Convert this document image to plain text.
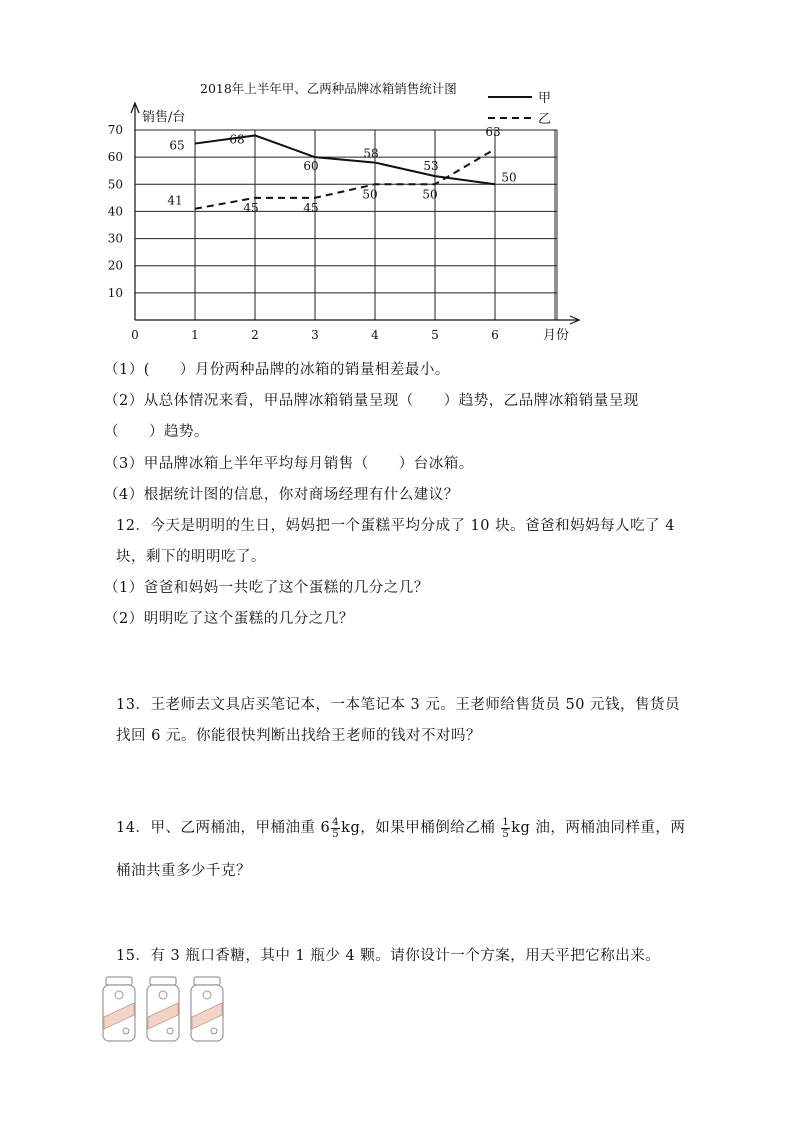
10
20
30
40
50
60
70
销售/台
月份
0	1	2	3	4	5	6
2018年上半年甲、乙两种品牌冰箱销售统计图
甲
乙
65	68
60
58
53
50
41
45	45
50	50
63
（1）(　　）月份两种品牌的冰箱的销量相差最小。
（2）从总体情况来看，甲品牌冰箱销量呈现（　　）趋势，乙品牌冰箱销量呈现
（　　）趋势。
（3）甲品牌冰箱上半年平均每月销售（　　）台冰箱。
（4）根据统计图的信息，你对商场经理有什么建议？
12．今天是明明的生日，妈妈把一个蛋糕平均分成了 10 块。爸爸和妈妈每人吃了 4
块，剩下的明明吃了。
（1）爸爸和妈妈一共吃了这个蛋糕的几分之几？
（2）明明吃了这个蛋糕的几分之几？
13．王老师去文具店买笔记本，一本笔记本 3 元。王老师给售货员 50 元钱，售货员
找回 6 元。你能很快判断出找给王老师的钱对不对吗？
14．甲、乙两桶油，甲桶油重 $6 \frac{4}{5}$ kg，如果甲桶倒给乙桶 $\frac{1}{5}$ kg 油，两桶油同样重，两
桶油共重多少千克？
15．有 3 瓶口香糖，其中 1 瓶少 4 颗。请你设计一个方案，用天平把它称出来。
